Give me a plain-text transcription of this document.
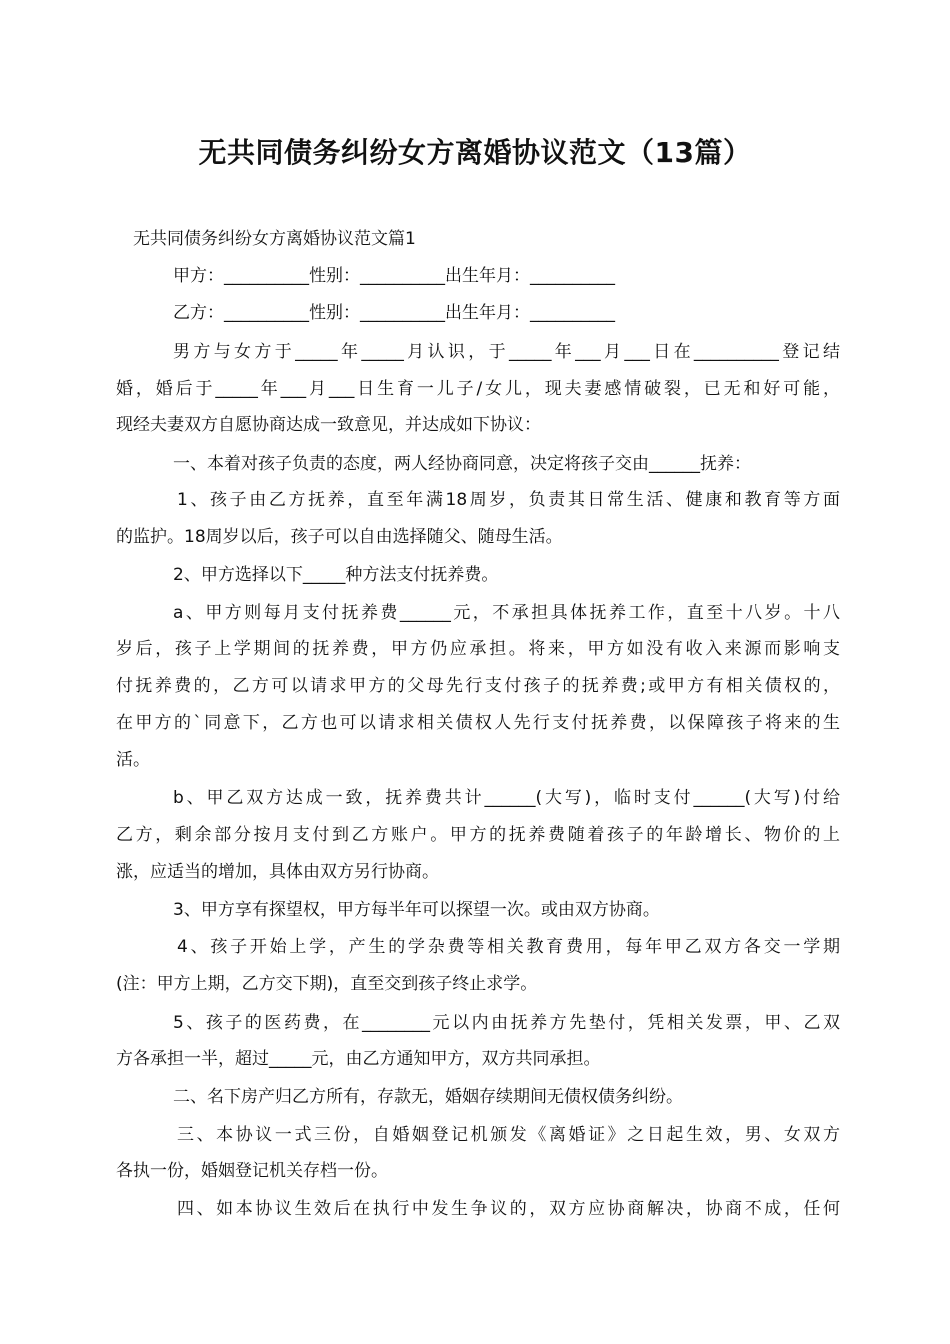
无共同债务纠纷女方离婚协议范文（13篇）
无共同债务纠纷女方离婚协议范文篇1
甲方：__________性别：__________出生年月：__________
乙方：__________性别：__________出生年月：__________
男方与女方于_____年_____月认识，于_____年___月___日在__________登记结
婚，婚后于_____年___月___日生育一儿子/女儿，现夫妻感情破裂，已无和好可能，
现经夫妻双方自愿协商达成一致意见，并达成如下协议：
一、本着对孩子负责的态度，两人经协商同意，决定将孩子交由______抚养：
1、孩子由乙方抚养，直至年满18周岁，负责其日常生活、健康和教育等方面
的监护。18周岁以后，孩子可以自由选择随父、随母生活。
2、甲方选择以下_____种方法支付抚养费。
a、甲方则每月支付抚养费______元，不承担具体抚养工作，直至十八岁。十八
岁后，孩子上学期间的抚养费，甲方仍应承担。将来，甲方如没有收入来源而影响支
付抚养费的，乙方可以请求甲方的父母先行支付孩子的抚养费;或甲方有相关债权的，
在甲方的`同意下，乙方也可以请求相关债权人先行支付抚养费，以保障孩子将来的生
活。
b、甲乙双方达成一致，抚养费共计______(大写)，临时支付______(大写)付给
乙方，剩余部分按月支付到乙方账户。甲方的抚养费随着孩子的年龄增长、物价的上
涨，应适当的增加，具体由双方另行协商。
3、甲方享有探望权，甲方每半年可以探望一次。或由双方协商。
4、孩子开始上学，产生的学杂费等相关教育费用，每年甲乙双方各交一学期
(注：甲方上期，乙方交下期)，直至交到孩子终止求学。
5、孩子的医药费，在________元以内由抚养方先垫付，凭相关发票，甲、乙双
方各承担一半，超过_____元，由乙方通知甲方，双方共同承担。
二、名下房产归乙方所有，存款无，婚姻存续期间无债权债务纠纷。
三、本协议一式三份，自婚姻登记机颁发《离婚证》之日起生效，男、女双方
各执一份，婚姻登记机关存档一份。
四、如本协议生效后在执行中发生争议的，双方应协商解决，协商不成，任何
